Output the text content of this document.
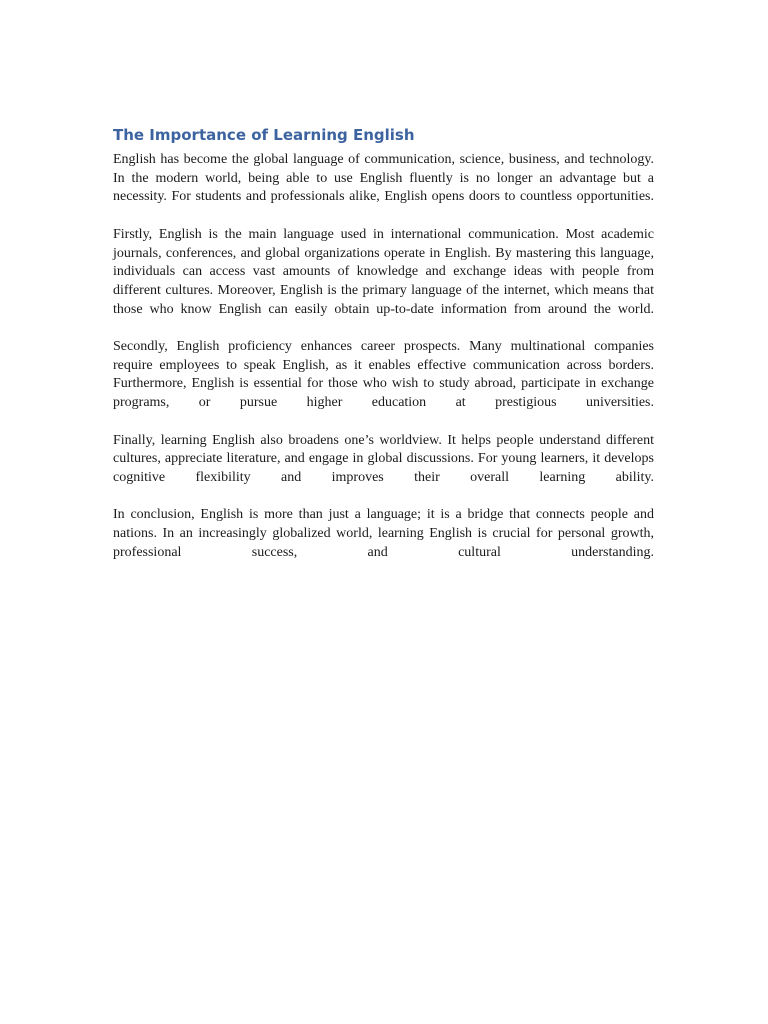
The Importance of Learning English

English has become the global language of communication, science, business, and technology. In the modern world, being able to use English fluently is no longer an advantage but a necessity. For students and professionals alike, English opens doors to countless opportunities.

Firstly, English is the main language used in international communication. Most academic journals, conferences, and global organizations operate in English. By mastering this language, individuals can access vast amounts of knowledge and exchange ideas with people from different cultures. Moreover, English is the primary language of the internet, which means that those who know English can easily obtain up-to-date information from around the world.

Secondly, English proficiency enhances career prospects. Many multinational companies require employees to speak English, as it enables effective communication across borders. Furthermore, English is essential for those who wish to study abroad, participate in exchange programs, or pursue higher education at prestigious universities.

Finally, learning English also broadens one’s worldview. It helps people understand different cultures, appreciate literature, and engage in global discussions. For young learners, it develops cognitive flexibility and improves their overall learning ability.

In conclusion, English is more than just a language; it is a bridge that connects people and nations. In an increasingly globalized world, learning English is crucial for personal growth, professional success, and cultural understanding.
